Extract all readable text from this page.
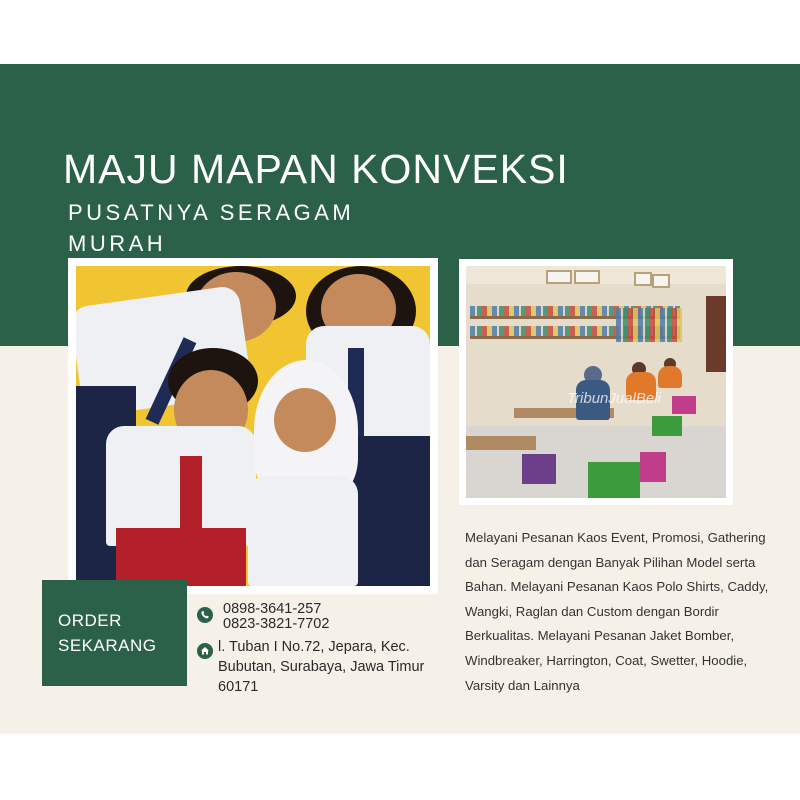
MAJU MAPAN KONVEKSI

PUSATNYA SERAGAM MURAH

TribunJualBeli

ORDER

SEKARANG

0898-3641-257

0823-3821-7702

l. Tuban I No.72, Jepara, Kec. Bubutan, Surabaya, Jawa Timur 60171

Melayani Pesanan Kaos Event, Promosi, Gathering dan Seragam dengan Banyak Pilihan Model serta Bahan. Melayani Pesanan Kaos Polo Shirts, Caddy, Wangki, Raglan dan Custom dengan Bordir Berkualitas. Melayani Pesanan Jaket Bomber, Windbreaker, Harrington, Coat, Swetter, Hoodie, Varsity dan Lainnya
